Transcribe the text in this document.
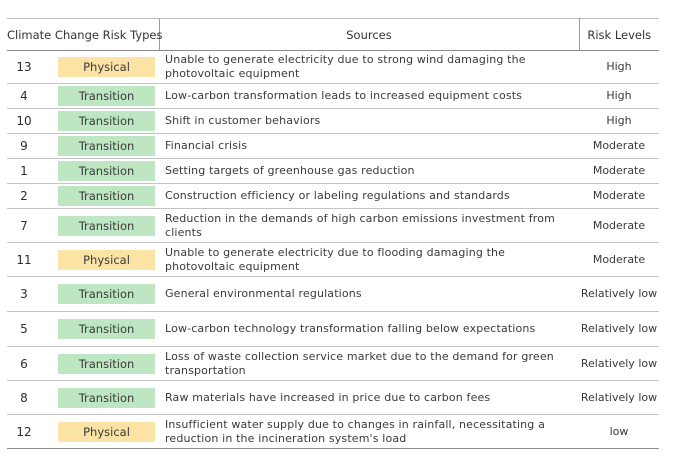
Climate Change Risk Types		Sources	Risk Levels
13	Physical	Unable to generate electricity due to strong wind damaging the photovoltaic equipment	High
4	Transition	Low-carbon transformation leads to increased equipment costs	High
10	Transition	Shift in customer behaviors	High
9	Transition	Financial crisis	Moderate
1	Transition	Setting targets of greenhouse gas reduction	Moderate
2	Transition	Construction efficiency or labeling regulations and standards	Moderate
7	Transition	Reduction in the demands of high carbon emissions investment from clients	Moderate
11	Physical	Unable to generate electricity due to flooding damaging the photovoltaic equipment	Moderate
3	Transition	General environmental regulations	Relatively low
5	Transition	Low-carbon technology transformation falling below expectations	Relatively low
6	Transition	Loss of waste collection service market due to the demand for green transportation	Relatively low
8	Transition	Raw materials have increased in price due to carbon fees	Relatively low
12	Physical	Insufficient water supply due to changes in rainfall, necessitating a reduction in the incineration system's load	low
